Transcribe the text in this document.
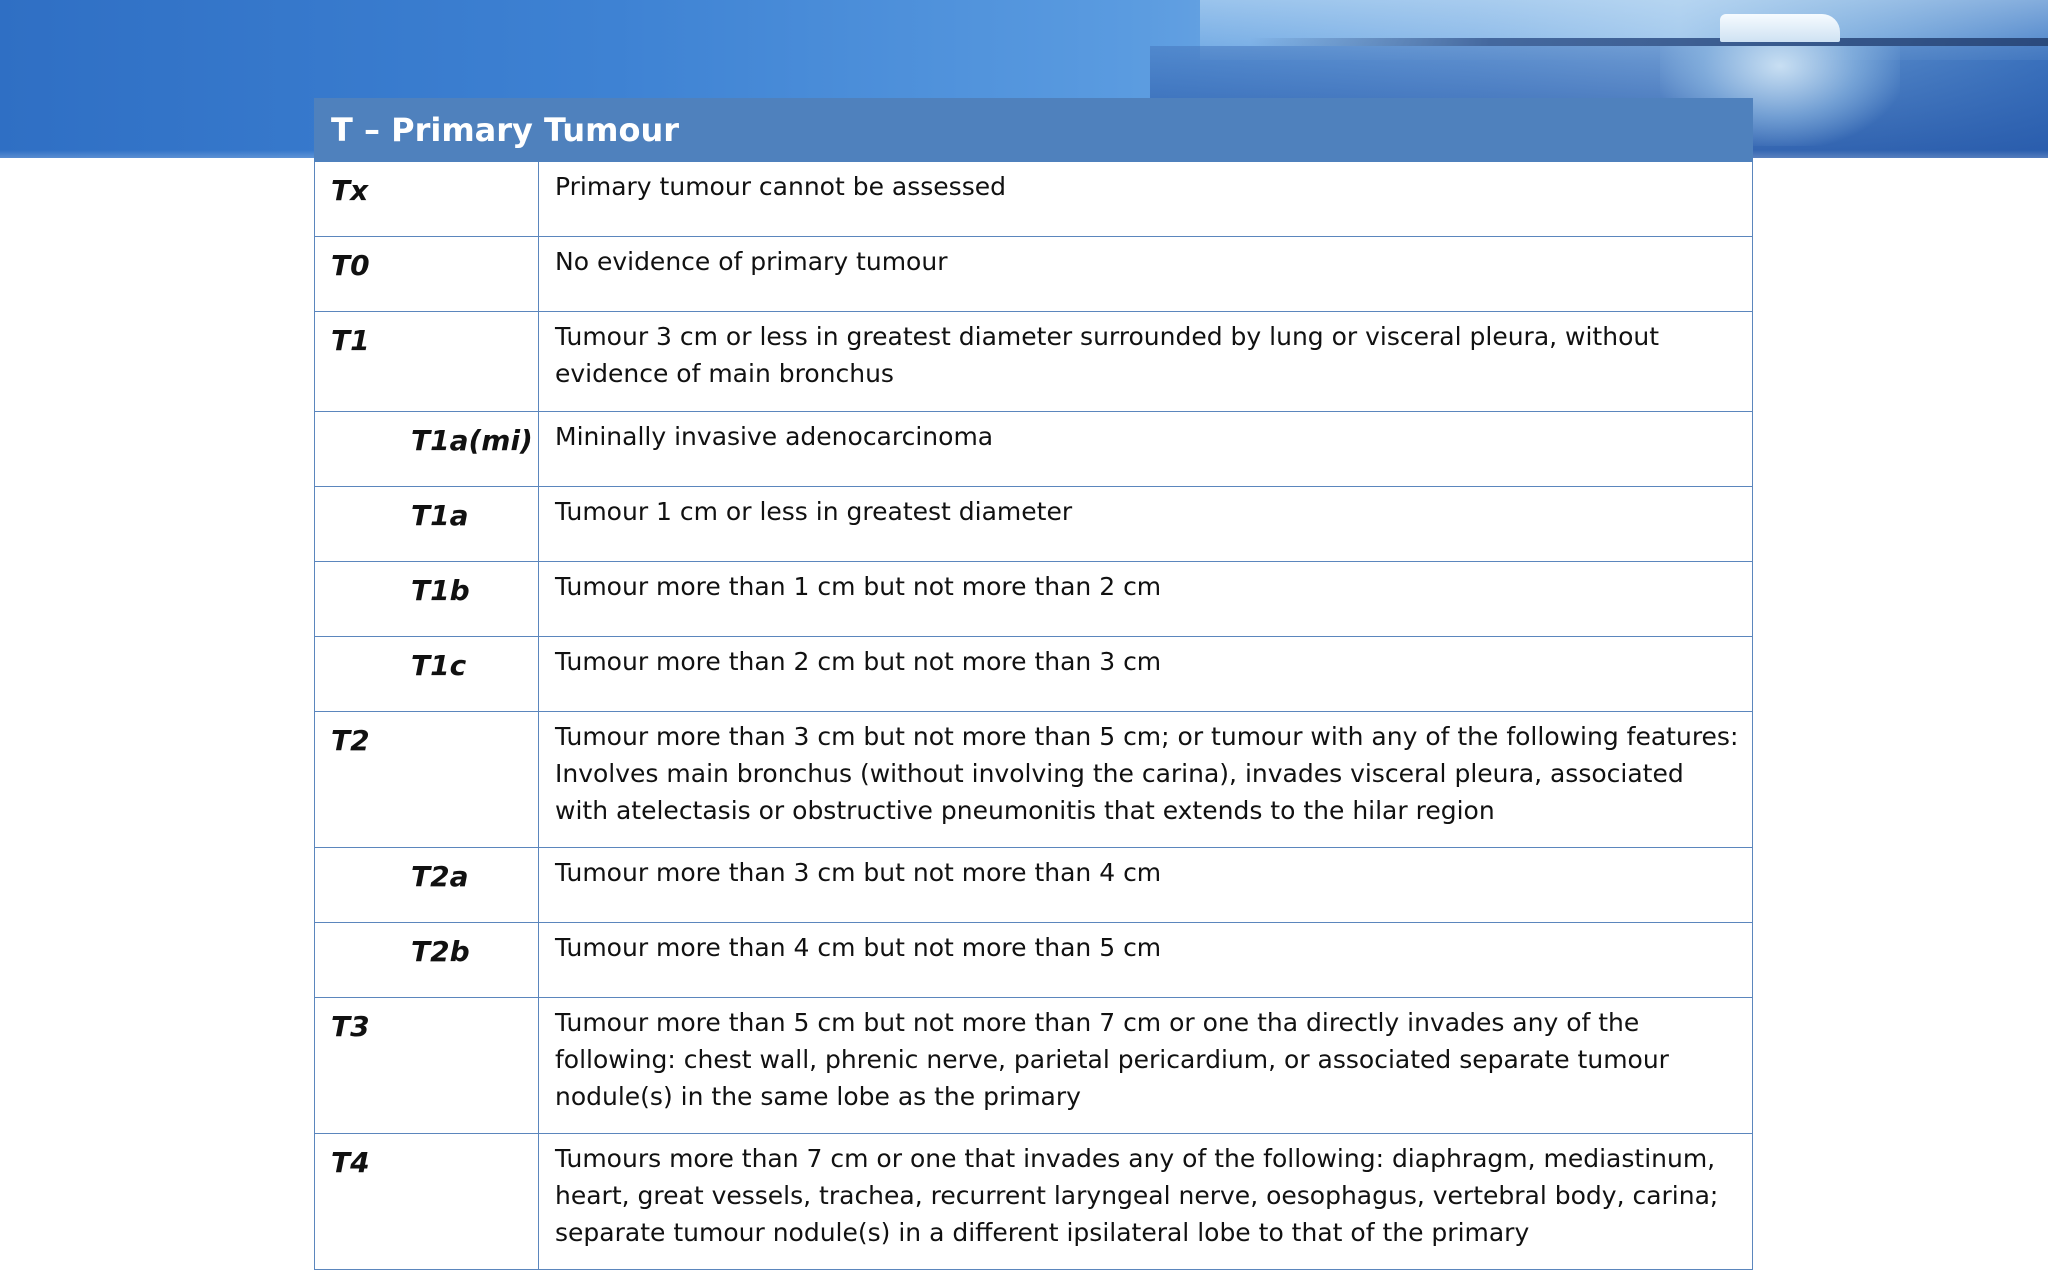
T – Primary Tumour	
Tx	Primary tumour cannot be assessed
T0	No evidence of primary tumour
T1	Tumour 3 cm or less in greatest diameter surrounded by lung or visceral pleura, without evidence of main bronchus
T1a(mi)	Mininally invasive adenocarcinoma
T1a	Tumour 1 cm or less in greatest diameter
T1b	Tumour more than 1 cm but not more than 2 cm
T1c	Tumour more than 2 cm but not more than 3 cm
T2	Tumour more than 3 cm but not more than 5 cm; or tumour with any of the following features: Involves main bronchus (without involving the carina), invades visceral pleura, associated with atelectasis or obstructive pneumonitis that extends to the hilar region
T2a	Tumour more than 3 cm but not more than 4 cm
T2b	Tumour more than 4 cm but not more than 5 cm
T3	Tumour more than 5 cm but not more than 7 cm or one tha directly invades any of the following: chest wall, phrenic nerve, parietal pericardium, or associated separate tumour nodule(s) in the same lobe as the primary
T4	Tumours more than 7 cm or one that invades any of the following: diaphragm, mediastinum, heart, great vessels, trachea, recurrent laryngeal nerve, oesophagus, vertebral body, carina; separate tumour nodule(s) in a different ipsilateral lobe to that of the primary
